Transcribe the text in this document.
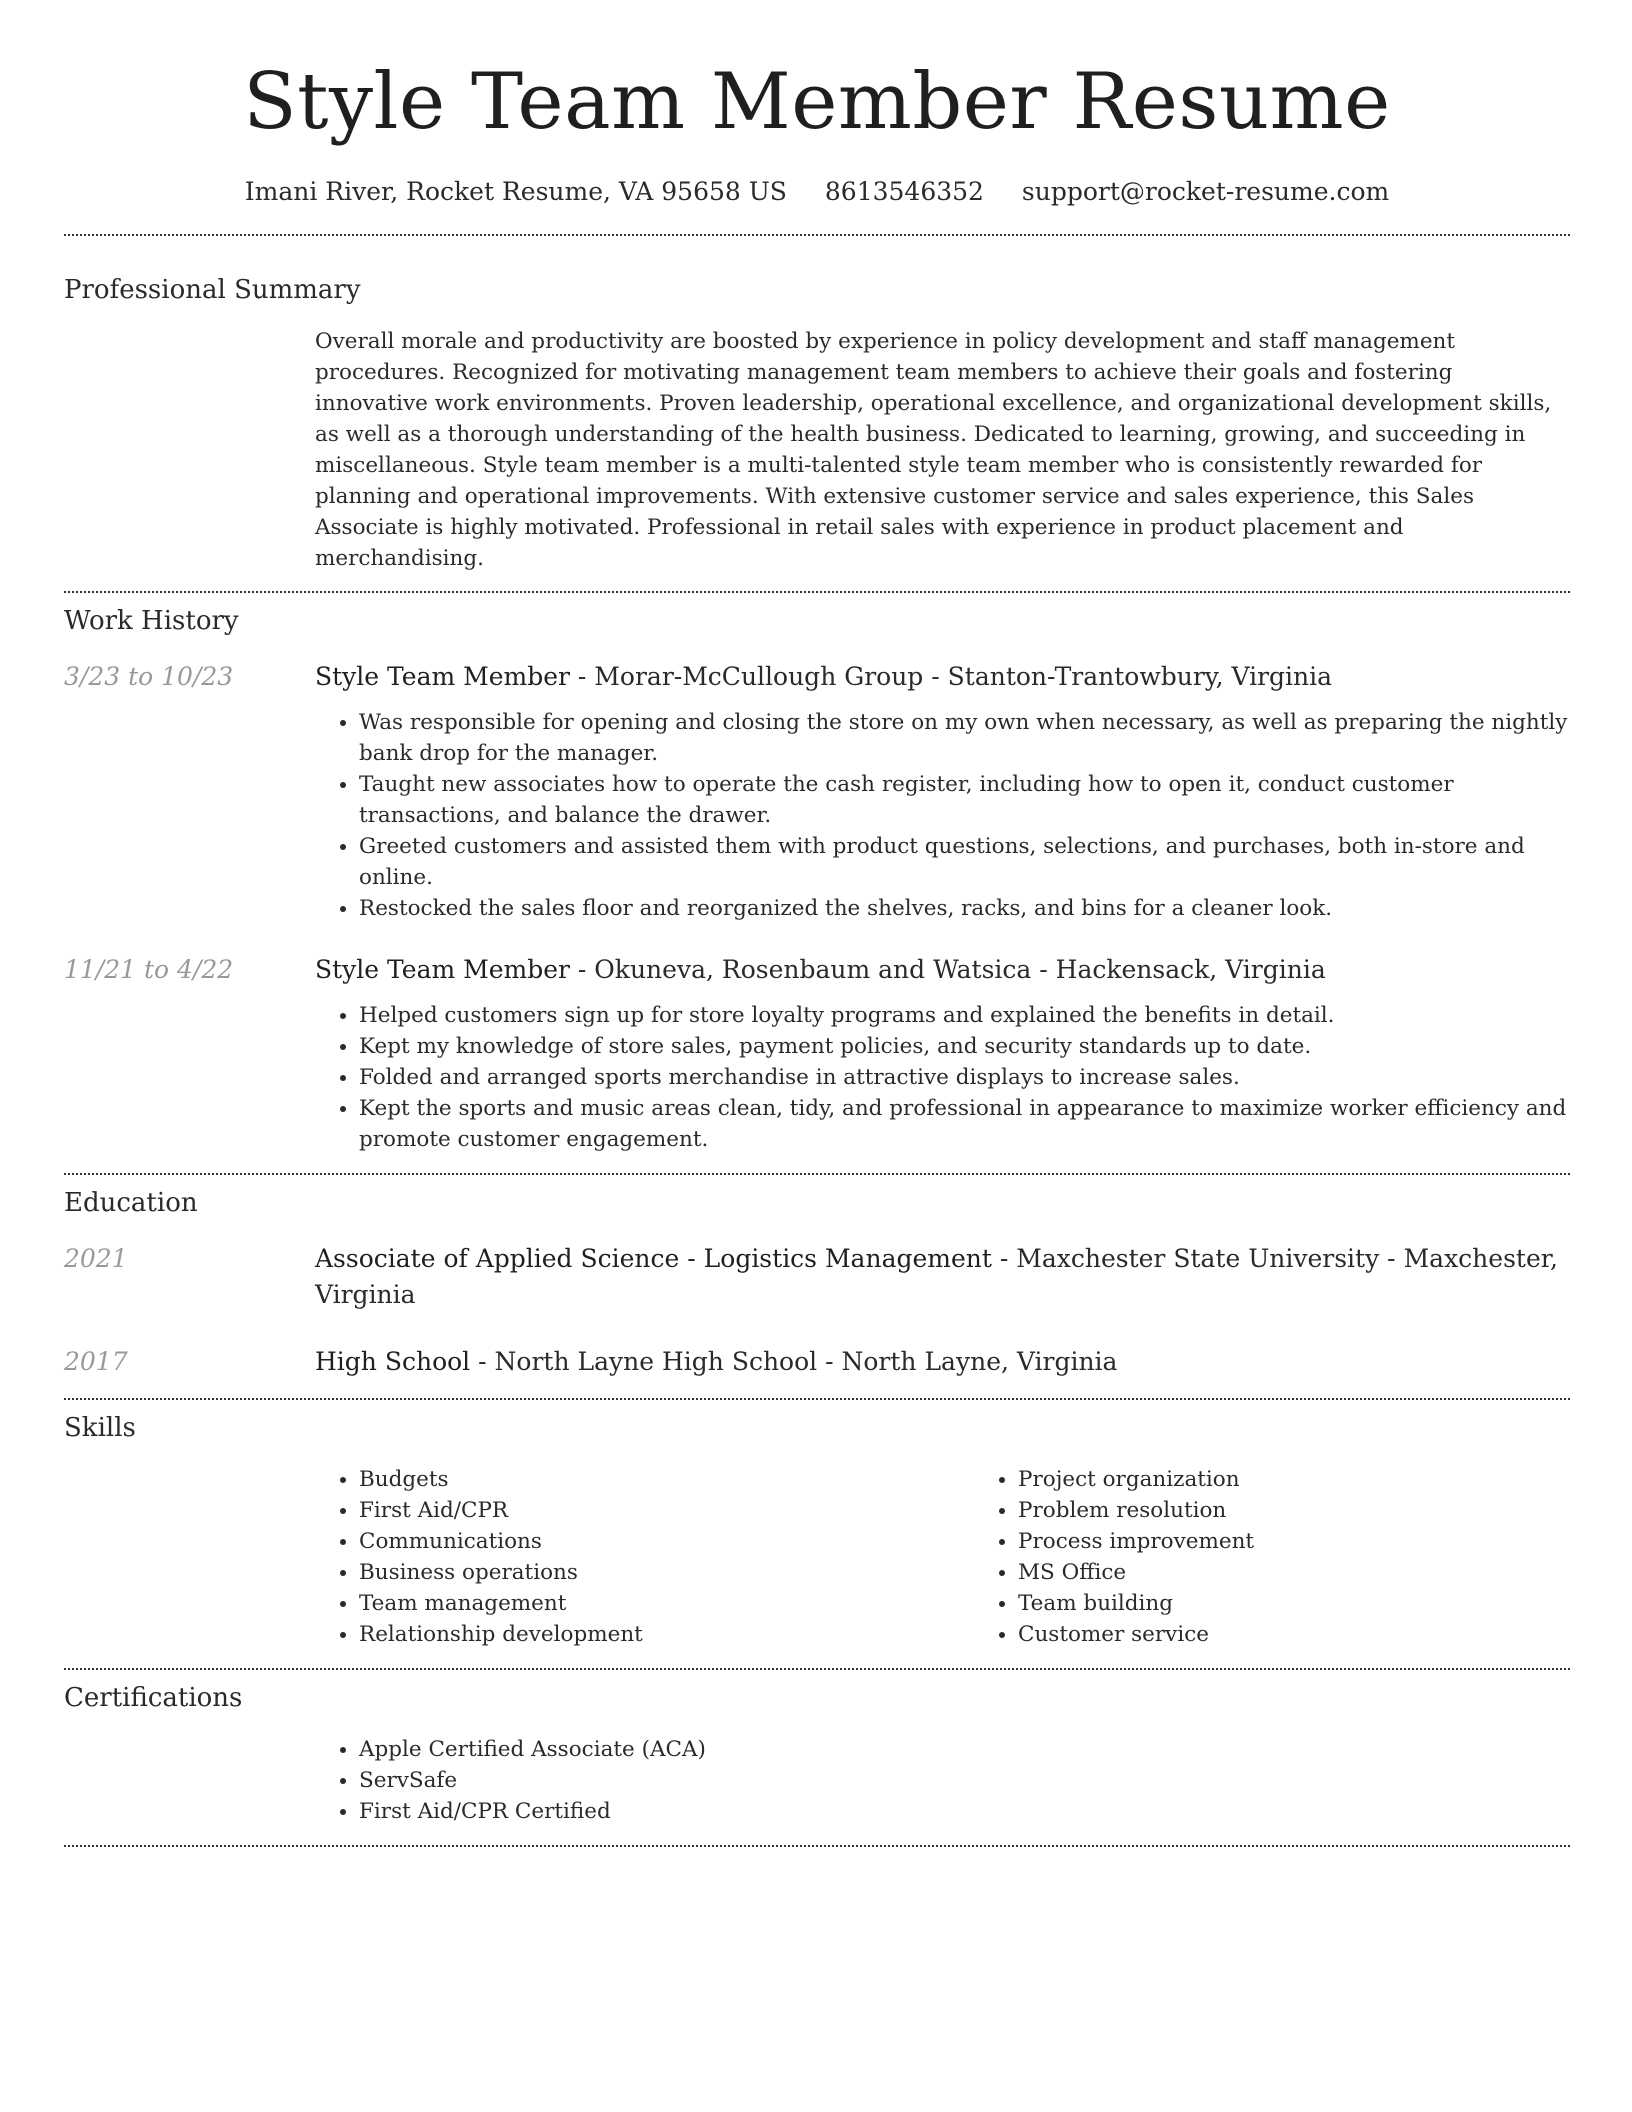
Style Team Member Resume
Imani River, Rocket Resume, VA 95658 US 8613546352 support@rocket-resume.com
Professional Summary
Overall morale and productivity are boosted by experience in policy development and staff management procedures. Recognized for motivating management team members to achieve their goals and fostering innovative work environments. Proven leadership, operational excellence, and organizational development skills, as well as a thorough understanding of the health business. Dedicated to learning, growing, and succeeding in miscellaneous. Style team member is a multi-talented style team member who is consistently rewarded for planning and operational improvements. With extensive customer service and sales experience, this Sales Associate is highly motivated. Professional in retail sales with experience in product placement and merchandising.
Work History
3/23 to 10/23	Style Team Member - Morar-McCullough Group - Stanton-Trantowbury, Virginia
• Was responsible for opening and closing the store on my own when necessary, as well as preparing the nightly bank drop for the manager.
• Taught new associates how to operate the cash register, including how to open it, conduct customer transactions, and balance the drawer.
• Greeted customers and assisted them with product questions, selections, and purchases, both in-store and online.
• Restocked the sales floor and reorganized the shelves, racks, and bins for a cleaner look.
11/21 to 4/22	Style Team Member - Okuneva, Rosenbaum and Watsica - Hackensack, Virginia
• Helped customers sign up for store loyalty programs and explained the benefits in detail.
• Kept my knowledge of store sales, payment policies, and security standards up to date.
• Folded and arranged sports merchandise in attractive displays to increase sales.
• Kept the sports and music areas clean, tidy, and professional in appearance to maximize worker efficiency and promote customer engagement.
Education
2021	Associate of Applied Science - Logistics Management - Maxchester State University - Maxchester, Virginia
2017	High School - North Layne High School - North Layne, Virginia
Skills
• Budgets
• First Aid/CPR
• Communications
• Business operations
• Team management
• Relationship development
• Project organization
• Problem resolution
• Process improvement
• MS Office
• Team building
• Customer service
Certifications
• Apple Certified Associate (ACA)
• ServSafe
• First Aid/CPR Certified
